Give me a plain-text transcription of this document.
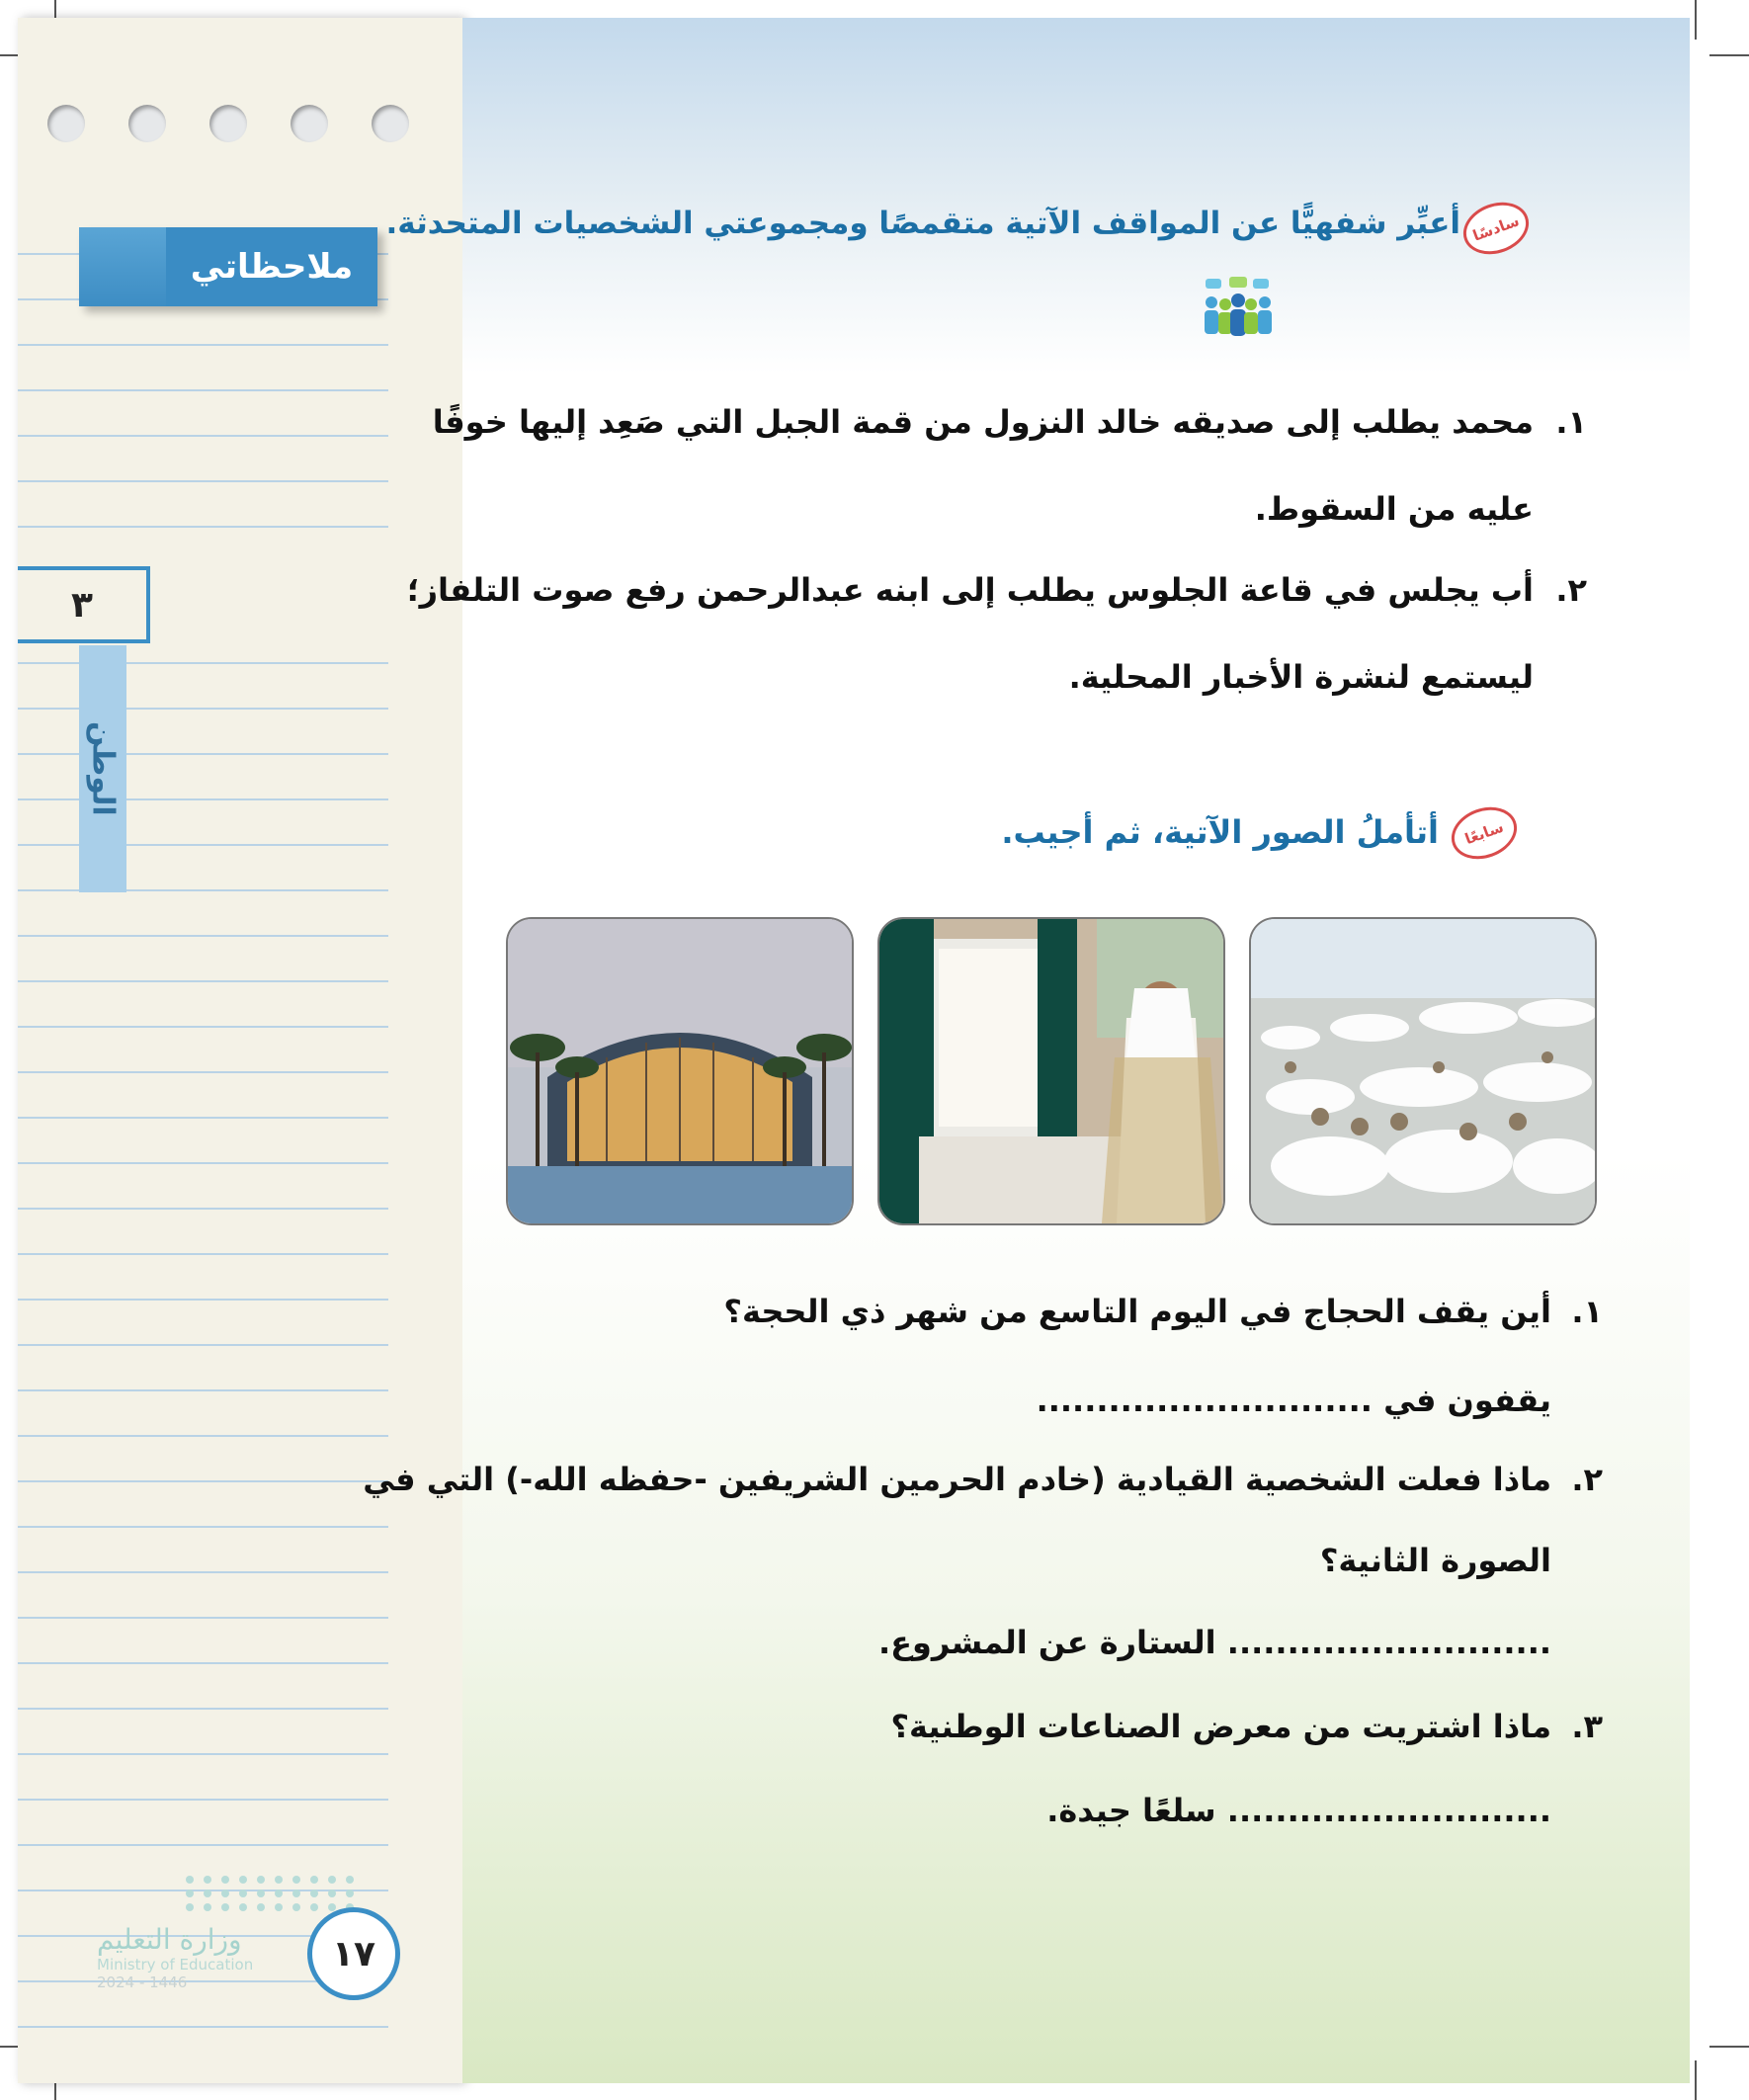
ملاحظاتي
٣
الوطن
وزارة التعليم
Ministry of Education
2024 - 1446
١٧
سادسًا
أعبِّر شفهيًّا عن المواقف الآتية متقمصًا ومجموعتي الشخصيات المتحدثة.
١.
محمد يطلب إلى صديقه خالد النزول من قمة الجبل التي صَعِد إليها خوفًا
عليه من السقوط.
٢.
أب يجلس في قاعة الجلوس يطلب إلى ابنه عبدالرحمن رفع صوت التلفاز؛
ليستمع لنشرة الأخبار المحلية.
سابعًا
أتأملُ الصور الآتية، ثم أجيب.
١.
أين يقف الحجاج في اليوم التاسع من شهر ذي الحجة؟
يقفون في ............................
٢.
ماذا فعلت الشخصية القيادية (خادم الحرمين الشريفين -حفظه الله-) التي في
الصورة الثانية؟
........................... الستارة عن المشروع.
٣.
ماذا اشتريت من معرض الصناعات الوطنية؟
........................... سلعًا جيدة.
